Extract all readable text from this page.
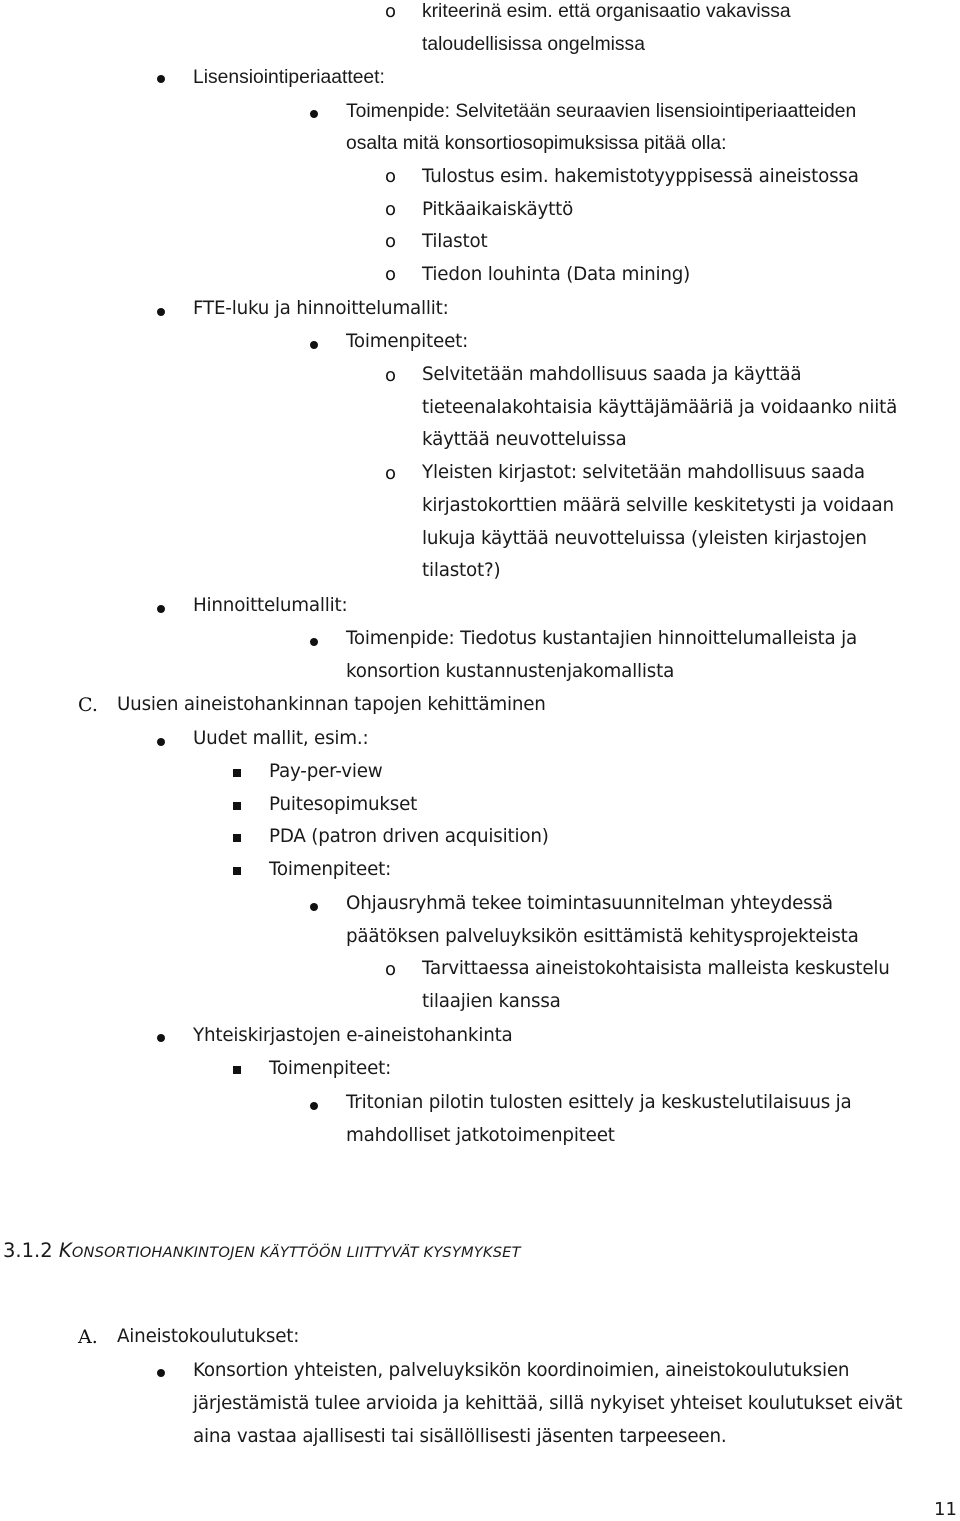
o kriteerinä esim. että organisaatio vakavissa
taloudellisissa ongelmissa
Lisensiointiperiaatteet:
Toimenpide: Selvitetään seuraavien lisensiointiperiaatteiden
osalta mitä konsortiosopimuksissa pitää olla:
o Tulostus esim. hakemistotyyppisessä aineistossa
o Pitkäaikaiskäyttö
o Tilastot
o Tiedon louhinta (Data mining)
FTE-luku ja hinnoittelumallit:
Toimenpiteet:
o Selvitetään mahdollisuus saada ja käyttää
tieteenalakohtaisia käyttäjämääriä ja voidaanko niitä
käyttää neuvotteluissa
o Yleisten kirjastot: selvitetään mahdollisuus saada
kirjastokorttien määrä selville keskitetysti ja voidaan
lukuja käyttää neuvotteluissa (yleisten kirjastojen
tilastot?)
Hinnoittelumallit:
Toimenpide: Tiedotus kustantajien hinnoittelumalleista ja
konsortion kustannustenjakomallista
C. Uusien aineistohankinnan tapojen kehittäminen
Uudet mallit, esim.:
Pay-per-view
Puitesopimukset
PDA (patron driven acquisition)
Toimenpiteet:
Ohjausryhmä tekee toimintasuunnitelman yhteydessä
päätöksen palveluyksikön esittämistä kehitysprojekteista
o Tarvittaessa aineistokohtaisista malleista keskustelu
tilaajien kanssa
Yhteiskirjastojen e-aineistohankinta
Toimenpiteet:
Tritonian pilotin tulosten esittely ja keskustelutilaisuus ja
mahdolliset jatkotoimenpiteet
3.1.2 KONSORTIOHANKINTOJEN KÄYTTÖÖN LIITTYVÄT KYSYMYKSET
A. Aineistokoulutukset:
Konsortion yhteisten, palveluyksikön koordinoimien, aineistokoulutuksien
järjestämistä tulee arvioida ja kehittää, sillä nykyiset yhteiset koulutukset eivät
aina vastaa ajallisesti tai sisällöllisesti jäsenten tarpeeseen.
11
